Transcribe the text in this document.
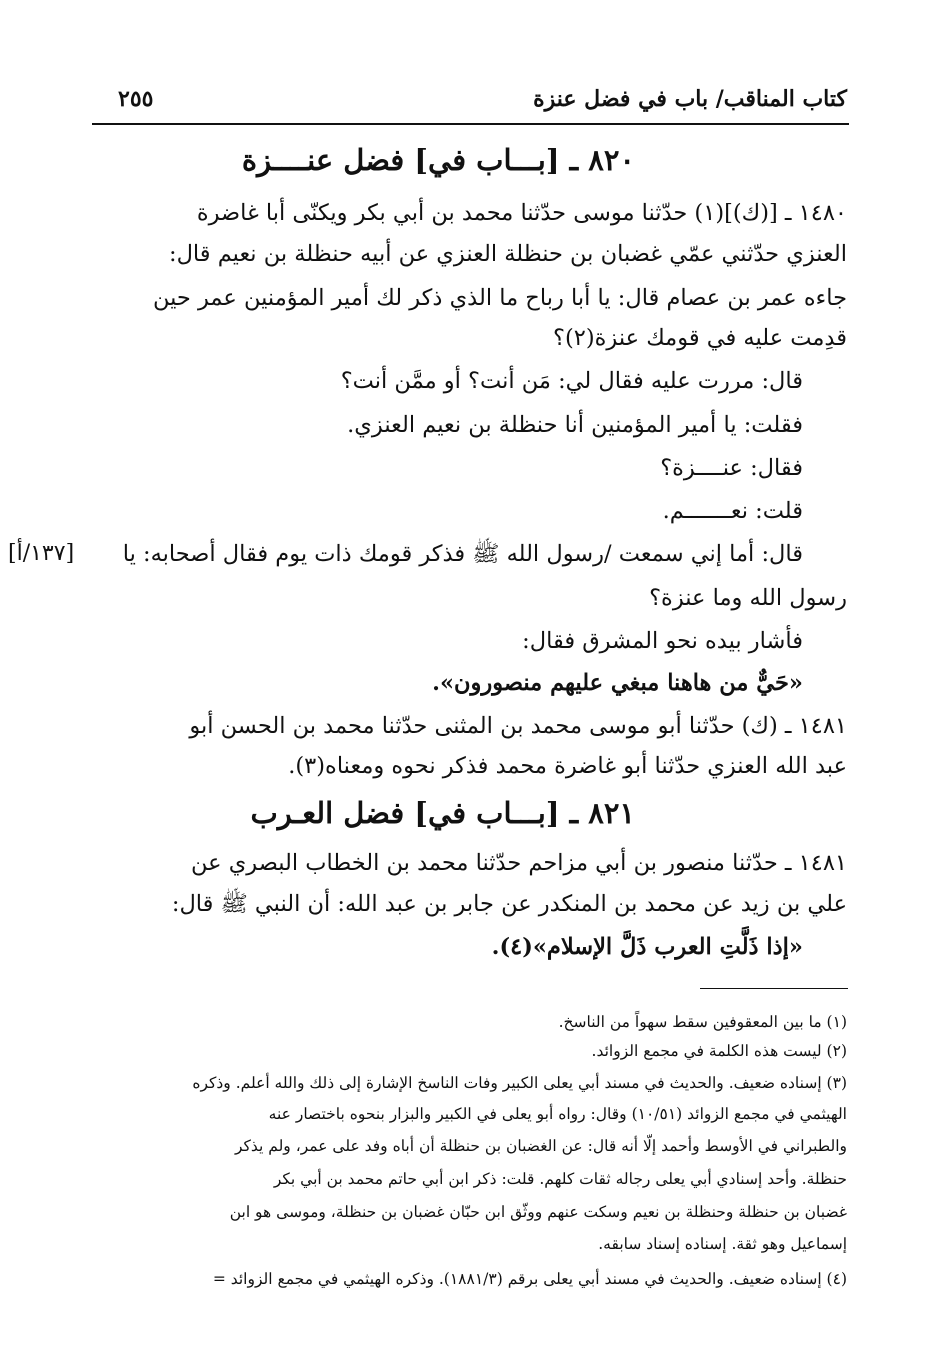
كتاب المناقب/ باب في فضل عنزة
٢٥٥
٨٢٠ ـ [بـــاب في] فضل عنــــزة
١٤٨٠ ـ [(ك)](١) حدّثنا موسى حدّثنا محمد بن أبي بكر ويكنّى أبا غاضرة
العنزي حدّثني عمّي غضبان بن حنظلة العنزي عن أبيه حنظلة بن نعيم قال:
جاءه عمر بن عصام قال: يا أبا رباح ما الذي ذكر لك أمير المؤمنين عمر حين
قدِمت عليه في قومك عنزة(٢)؟
قال: مررت عليه فقال لي: مَن أنت؟ أو ممَّن أنت؟
فقلت: يا أمير المؤمنين أنا حنظلة بن نعيم العنزي.
فقال: عنــــزة؟
قلت: نعـــــــم.
قال: أما إني سمعت /رسول الله ﷺ فذكر قومك ذات يوم فقال أصحابه: يا
[١٣٧/أ]
رسول الله وما عنزة؟
فأشار بيده نحو المشرق فقال:
«حَيٌّ من هاهنا مبغي عليهم منصورون».
١٤٨١ ـ (ك) حدّثنا أبو موسى محمد بن المثنى حدّثنا محمد بن الحسن أبو
عبد الله العنزي حدّثنا أبو غاضرة محمد فذكر نحوه ومعناه(٣).
٨٢١ ـ [بـــاب في] فضل العـرب
١٤٨١ ـ حدّثنا منصور بن أبي مزاحم حدّثنا محمد بن الخطاب البصري عن
علي بن زيد عن محمد بن المنكدر عن جابر بن عبد الله: أن النبي ﷺ قال:
«إذا ذَلَّتِ العرب ذَلَّ الإسلام»(٤).
(١) ما بين المعقوفين سقط سهواً من الناسخ.
(٢) ليست هذه الكلمة في مجمع الزوائد.
(٣) إسناده ضعيف. والحديث في مسند أبي يعلى الكبير وفات الناسخ الإشارة إلى ذلك والله أعلم. وذكره
الهيثمي في مجمع الزوائد (١٠/٥١) وقال: رواه أبو يعلى في الكبير والبزار بنحوه باختصار عنه
والطبراني في الأوسط وأحمد إلّا أنه قال: عن الغضبان بن حنظلة أن أباه وفد على عمر، ولم يذكر
حنظلة. وأحد إسنادي أبي يعلى رجاله ثقات كلهم. قلت: ذكر ابن أبي حاتم محمد بن أبي بكر
غضبان بن حنظلة وحنظلة بن نعيم وسكت عنهم ووثّق ابن حبّان غضبان بن حنظلة، وموسى هو ابن
إسماعيل وهو ثقة. إسناده إسناد سابقه.
(٤) إسناده ضعيف. والحديث في مسند أبي يعلى برقم (١٨٨١/٣). وذكره الهيثمي في مجمع الزوائد =
